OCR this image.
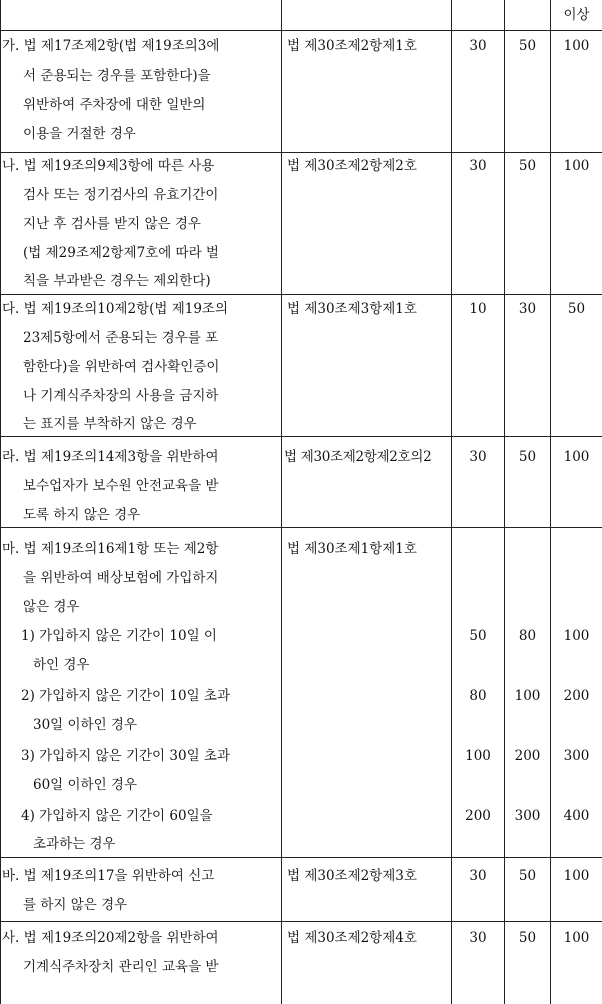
이상
가. 법 제17조제2항(법 제19조의3에
서 준용되는 경우를 포함한다)을
위반하여 주차장에 대한 일반의
이용을 거절한 경우
법 제30조제2항제1호	30	50	100
나. 법 제19조의9제3항에 따른 사용
검사 또는 정기검사의 유효기간이
지난 후 검사를 받지 않은 경우
(법 제29조제2항제7호에 따라 벌
칙을 부과받은 경우는 제외한다)
법 제30조제2항제2호	30	50	100
다. 법 제19조의10제2항(법 제19조의
23제5항에서 준용되는 경우를 포
함한다)을 위반하여 검사확인증이
나 기계식주차장의 사용을 금지하
는 표지를 부착하지 않은 경우
법 제30조제3항제1호	10	30	50
라. 법 제19조의14제3항을 위반하여
보수업자가 보수원 안전교육을 받
도록 하지 않은 경우
법 제30조제2항제2호의2	30	50	100
마. 법 제19조의16제1항 또는 제2항
을 위반하여 배상보험에 가입하지
않은 경우
법 제30조제1항제1호
1) 가입하지 않은 기간이 10일 이
하인 경우
50	80	100
2) 가입하지 않은 기간이 10일 초과
30일 이하인 경우
80	100	200
3) 가입하지 않은 기간이 30일 초과
60일 이하인 경우
100	200	300
4) 가입하지 않은 기간이 60일을
초과하는 경우
200	300	400
바. 법 제19조의17을 위반하여 신고
를 하지 않은 경우
법 제30조제2항제3호	30	50	100
사. 법 제19조의20제2항을 위반하여
기계식주차장치 관리인 교육을 받
법 제30조제2항제4호	30	50	100
